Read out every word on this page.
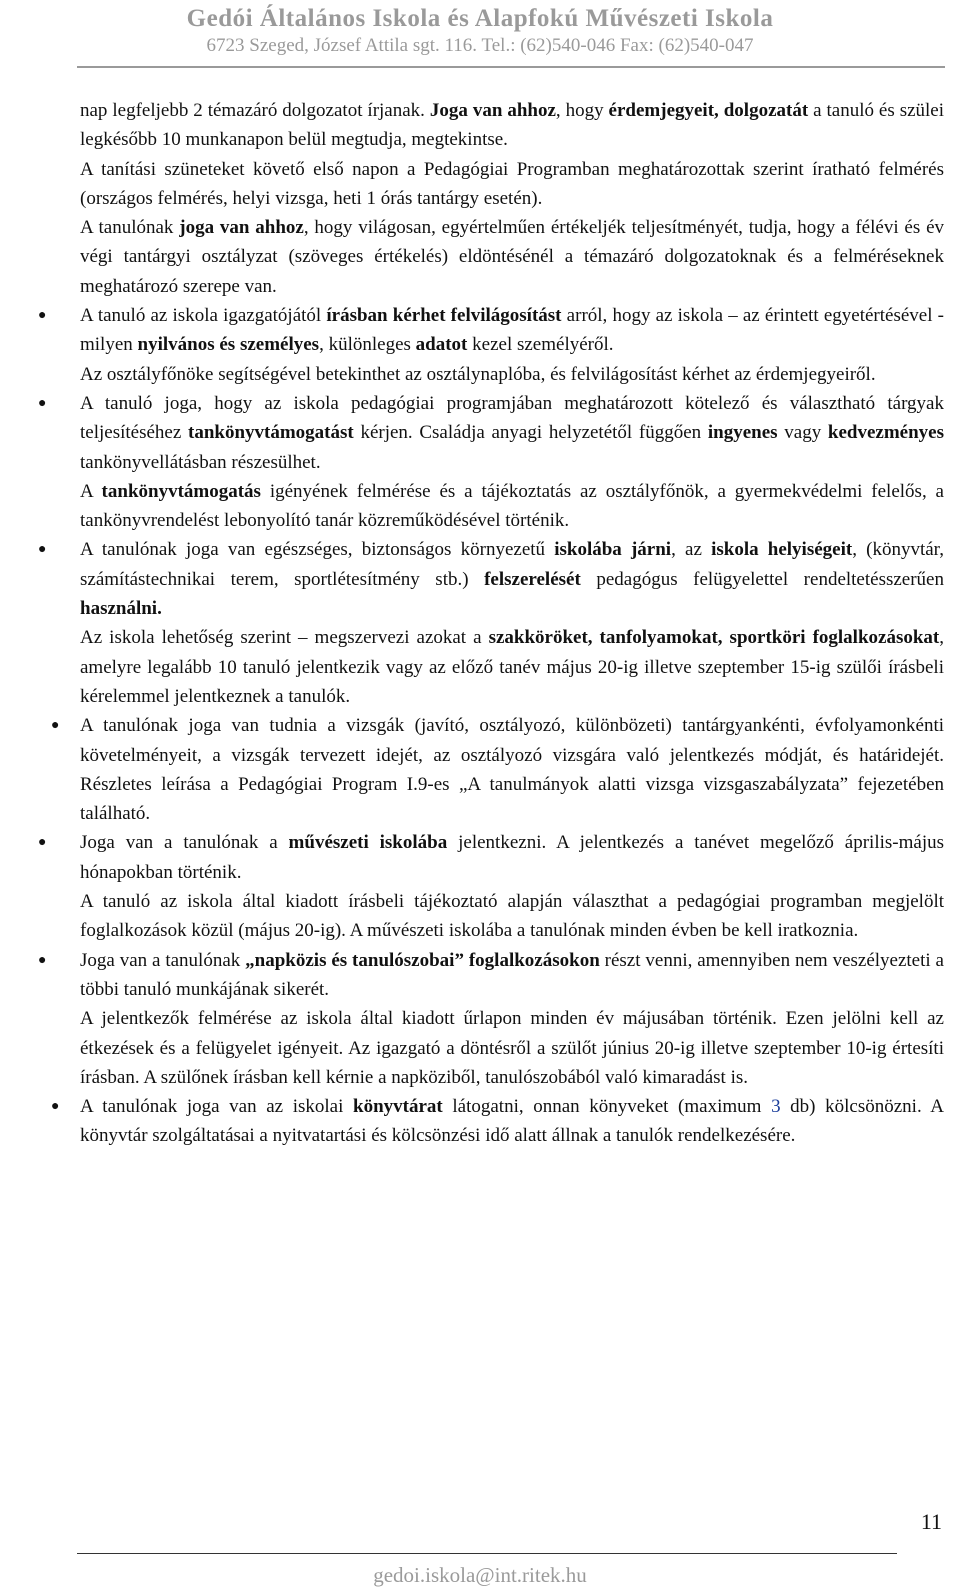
Gedói Általános Iskola és Alapfokú Művészeti Iskola
6723 Szeged, József Attila sgt. 116. Tel.: (62)540-046 Fax: (62)540-047

nap legfeljebb 2 témazáró dolgozatot írjanak. Joga van ahhoz, hogy érdemjegyeit, dolgozatát a tanuló és szülei legkésőbb 10 munkanapon belül megtudja, megtekintse.

A tanítási szüneteket követő első napon a Pedagógiai Programban meghatározottak szerint íratható felmérés (országos felmérés, helyi vizsga, heti 1 órás tantárgy esetén).

A tanulónak joga van ahhoz, hogy világosan, egyértelműen értékeljék teljesítményét, tudja, hogy a félévi és év végi tantárgyi osztályzat (szöveges értékelés) eldöntésénél a témazáró dolgozatoknak és a felméréseknek meghatározó szerepe van.

● A tanuló az iskola igazgatójától írásban kérhet felvilágosítást arról, hogy az iskola – az érintett egyetértésével - milyen nyilvános és személyes, különleges adatot kezel személyéről.

Az osztályfőnöke segítségével betekinthet az osztálynaplóba, és felvilágosítást kérhet az érdemjegyeiről.

● A tanuló joga, hogy az iskola pedagógiai programjában meghatározott kötelező és választható tárgyak teljesítéséhez tankönyvtámogatást kérjen. Családja anyagi helyzetétől függően ingyenes vagy kedvezményes tankönyvellátásban részesülhet.

A tankönyvtámogatás igényének felmérése és a tájékoztatás az osztályfőnök, a gyermekvédelmi felelős, a tankönyvrendelést lebonyolító tanár közreműködésével történik.

● A tanulónak joga van egészséges, biztonságos környezetű iskolába járni, az iskola helyiségeit, (könyvtár, számítástechnikai terem, sportlétesítmény stb.) felszerelését pedagógus felügyelettel rendeltetésszerűen használni.

Az iskola lehetőség szerint – megszervezi azokat a szakköröket, tanfolyamokat, sportköri foglalkozásokat, amelyre legalább 10 tanuló jelentkezik vagy az előző tanév május 20-ig illetve szeptember 15-ig szülői írásbeli kérelemmel jelentkeznek a tanulók.

● A tanulónak joga van tudnia a vizsgák (javító, osztályozó, különbözeti) tantárgyankénti, évfolyamonkénti követelményeit, a vizsgák tervezett idejét, az osztályozó vizsgára való jelentkezés módját, és határidejét. Részletes leírása a Pedagógiai Program I.9-es „A tanulmányok alatti vizsga vizsgaszabályzata” fejezetében található.

● Joga van a tanulónak a művészeti iskolába jelentkezni. A jelentkezés a tanévet megelőző április-május hónapokban történik.

A tanuló az iskola által kiadott írásbeli tájékoztató alapján választhat a pedagógiai programban megjelölt foglalkozások közül (május 20-ig). A művészeti iskolába a tanulónak minden évben be kell iratkoznia.

● Joga van a tanulónak „napközis és tanulószobai” foglalkozásokon részt venni, amennyiben nem veszélyezteti a többi tanuló munkájának sikerét.

A jelentkezők felmérése az iskola által kiadott űrlapon minden év májusában történik. Ezen jelölni kell az étkezések és a felügyelet igényeit. Az igazgató a döntésről a szülőt június 20-ig illetve szeptember 10-ig értesíti írásban. A szülőnek írásban kell kérnie a napköziből, tanulószobából való kimaradást is.

● A tanulónak joga van az iskolai könyvtárat látogatni, onnan könyveket (maximum 3 db) kölcsönözni. A könyvtár szolgáltatásai a nyitvatartási és kölcsönzési idő alatt állnak a tanulók rendelkezésére.

11
gedoi.iskola@int.ritek.hu
